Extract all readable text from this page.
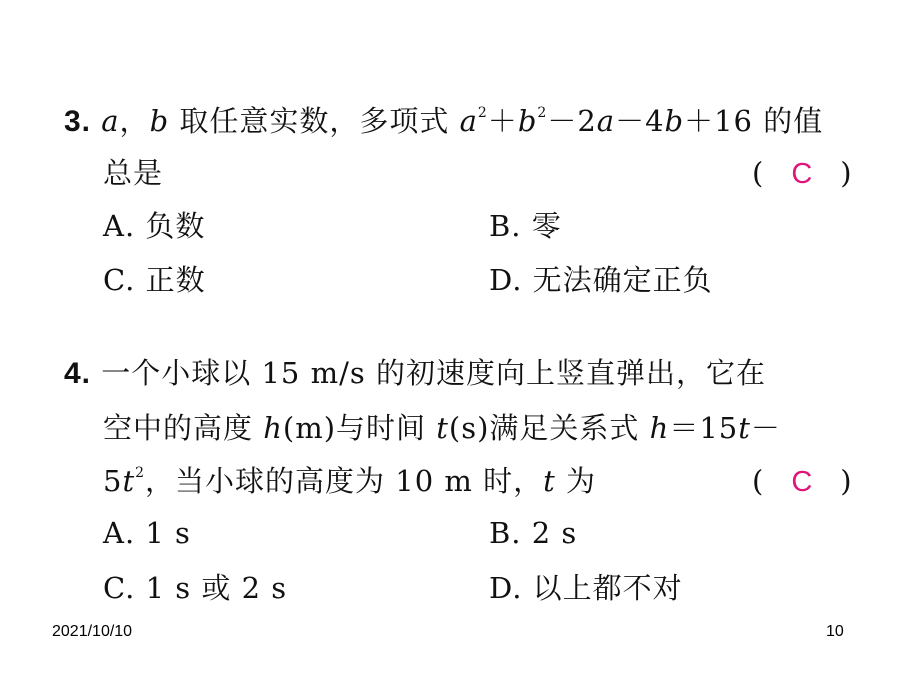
3. a，b 取任意实数，多项式 $a^2+b^2-2a-4b+16$ 的值
总是	( C )
A. 负数	B. 零
C. 正数	D. 无法确定正负
4. 一个小球以 15 m/s 的初速度向上竖直弹出，它在
空中的高度 h(m)与时间 t(s)满足关系式 h＝15t－
$5t^2$，当小球的高度为 10 m 时，t 为	( C )
A. 1 s	B. 2 s
C. 1 s 或 2 s	D. 以上都不对
2021/10/10	10
